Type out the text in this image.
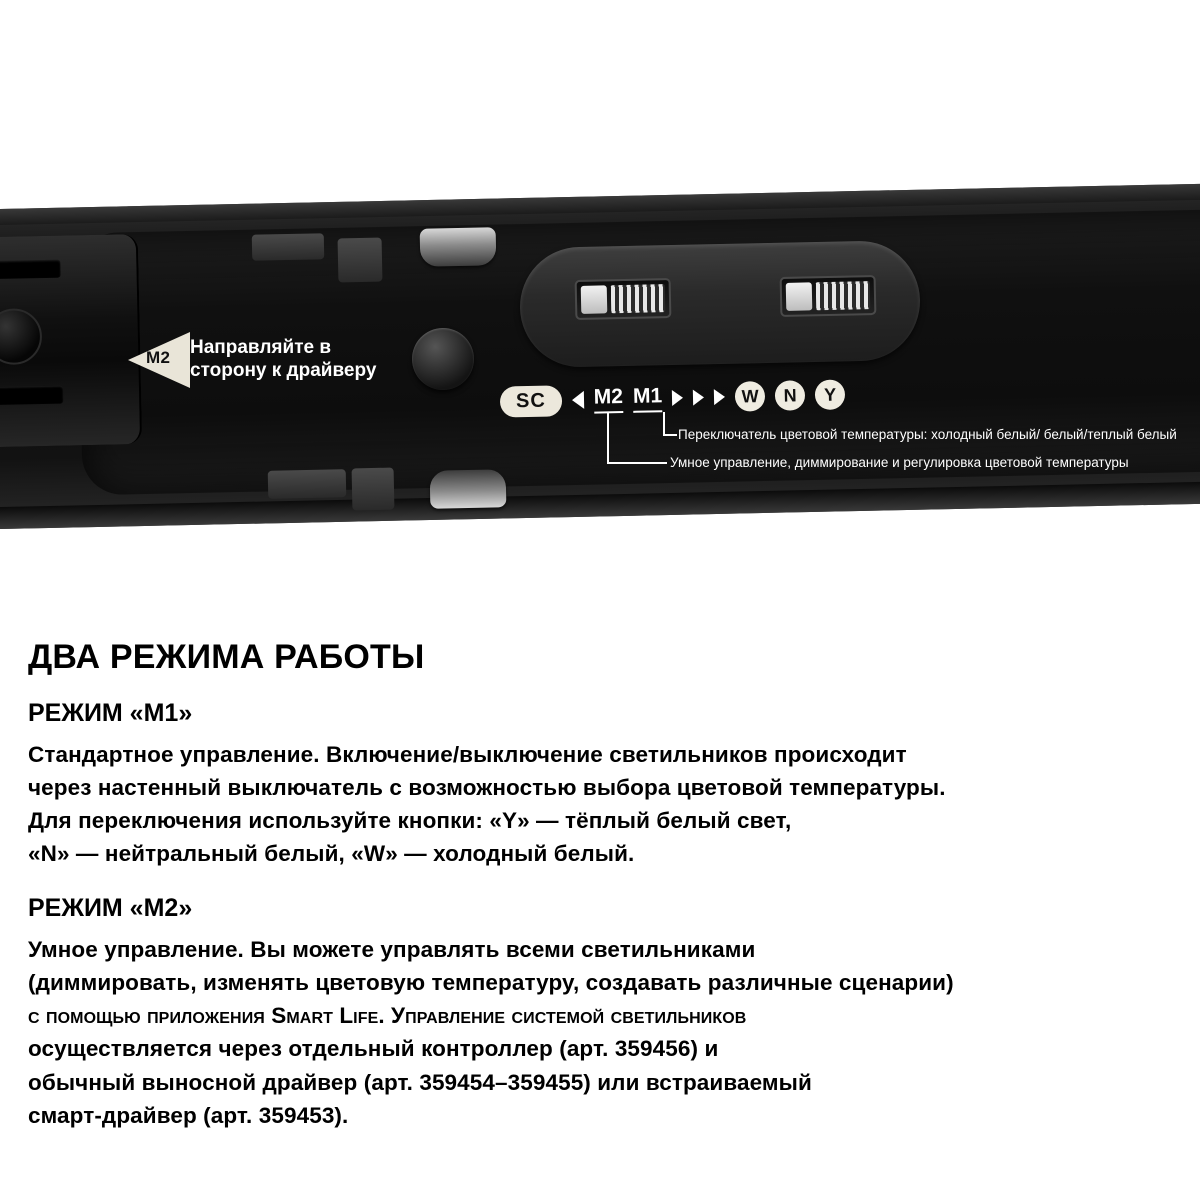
M2 Направляйте в сторону к драйверу
SC	M2 M1	W	N	Y
Переключатель цветовой температуры: холодный белый/ белый/теплый белый
Умное управление, диммирование и регулировка цветовой температуры
ДВА РЕЖИМА РАБОТЫ
РЕЖИМ «M1»

Стандартное управление. Включение/выключение светильников происходит
через настенный выключатель с возможностью выбора цветовой температуры.
Для переключения используйте кнопки: «Y» — тёплый белый свет,
«N» — нейтральный белый, «W» — холодный белый.

РЕЖИМ «M2»

Умное управление. Вы можете управлять всеми светильниками
(диммировать, изменять цветовую температуру, создавать различные сценарии)
с помощью приложения Smart Life. Управление системой светильников
осуществляется через отдельный контроллер (арт. 359456) и
обычный выносной драйвер (арт. 359454–359455) или встраиваемый
смарт-драйвер (арт. 359453).
